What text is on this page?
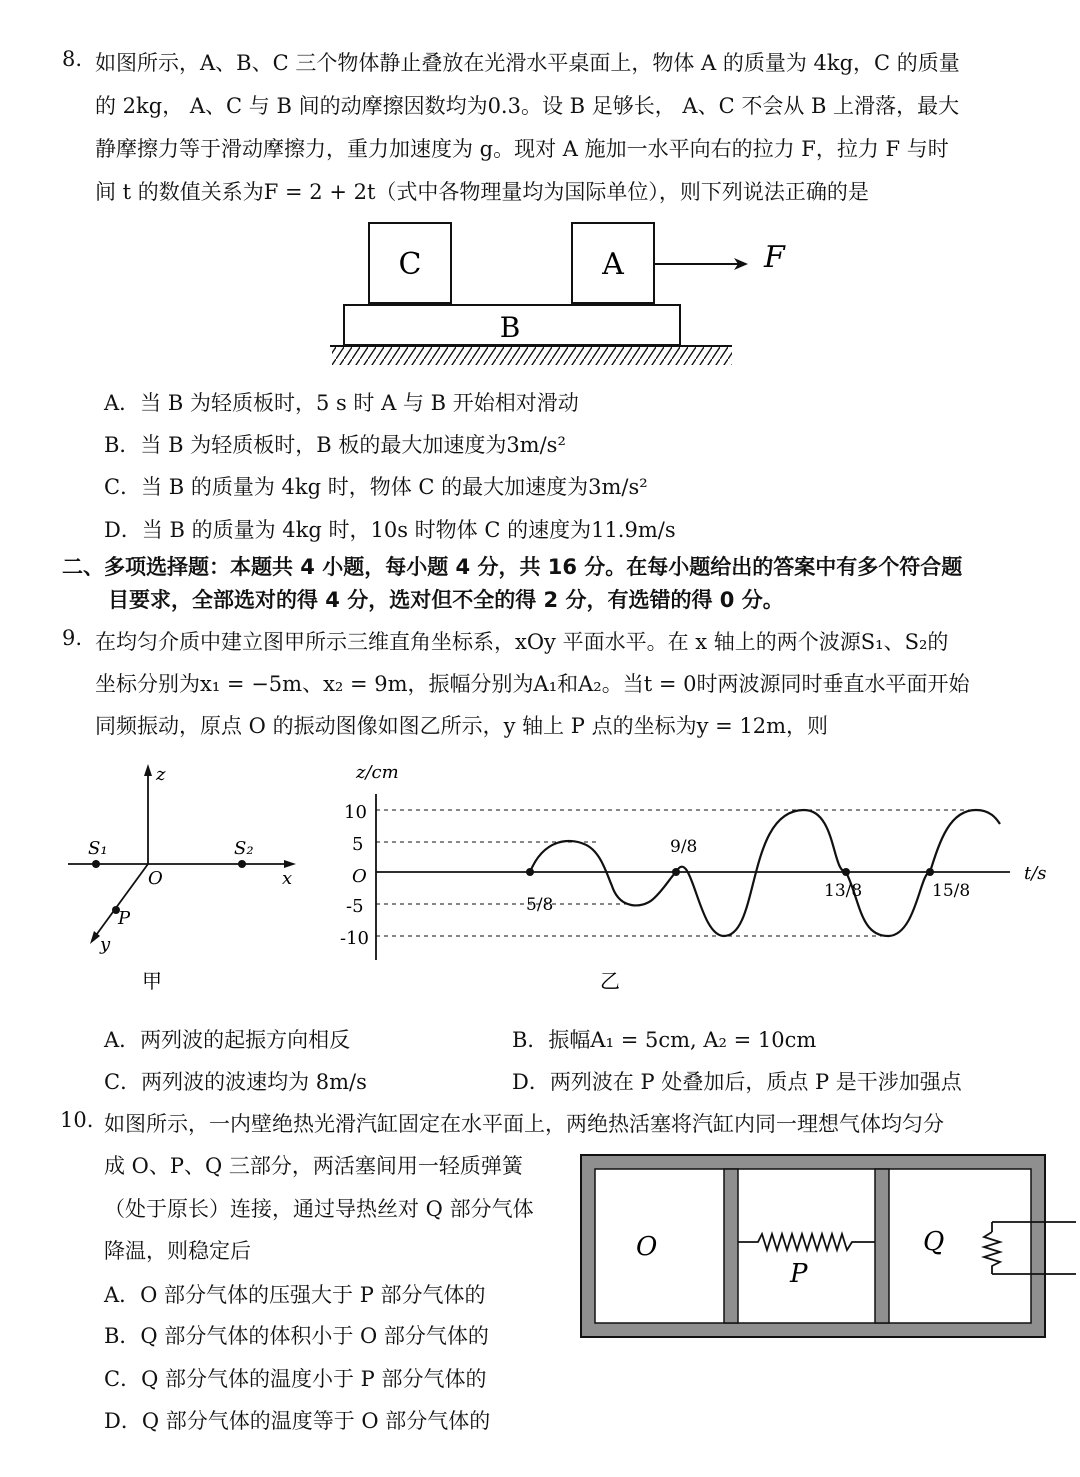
8. 如图所示，A、B、C 三个物体静止叠放在光滑水平桌面上，物体 A 的质量为 4kg，C 的质量
的 2kg， A、C 与 B 间的动摩擦因数均为0.3。设 B 足够长， A、C 不会从 B 上滑落，最大
静摩擦力等于滑动摩擦力，重力加速度为 g。现对 A 施加一水平向右的拉力 F，拉力 F 与时
间 t 的数值关系为F = 2 + 2t（式中各物理量均为国际单位），则下列说法正确的是
C	A
B
F
A．当 B 为轻质板时，5 s 时 A 与 B 开始相对滑动
B．当 B 为轻质板时，B 板的最大加速度为3m/s²
C．当 B 的质量为 4kg 时，物体 C 的最大加速度为3m/s²
D．当 B 的质量为 4kg 时，10s 时物体 C 的速度为11.9m/s
二、多项选择题：本题共 4 小题，每小题 4 分，共 16 分。在每小题给出的答案中有多个符合题
目要求，全部选对的得 4 分，选对但不全的得 2 分，有选错的得 0 分。
9. 在均匀介质中建立图甲所示三维直角坐标系，xOy 平面水平。在 x 轴上的两个波源S₁、S₂的
坐标分别为x₁ = −5m、x₂ = 9m，振幅分别为A₁和A₂。当t = 0时两波源同时垂直水平面开始
同频振动，原点 O 的振动图像如图乙所示，y 轴上 P 点的坐标为y = 12m，则
z
x
y
O
S₁	S₂
P
甲
z/cm
t/s
10
5
O
-5
-10
5/8
9/8
13/8	15/8
乙
A．两列波的起振方向相反	B．振幅A₁ = 5cm, A₂ = 10cm
C．两列波的波速均为 8m/s	D．两列波在 P 处叠加后，质点 P 是干涉加强点
10. 如图所示，一内壁绝热光滑汽缸固定在水平面上，两绝热活塞将汽缸内同一理想气体均匀分
成 O、P、Q 三部分，两活塞间用一轻质弹簧
（处于原长）连接，通过导热丝对 Q 部分气体
降温，则稳定后	O
P
Q
A．O 部分气体的压强大于 P 部分气体的
B．Q 部分气体的体积小于 O 部分气体的
C．Q 部分气体的温度小于 P 部分气体的
D．Q 部分气体的温度等于 O 部分气体的
